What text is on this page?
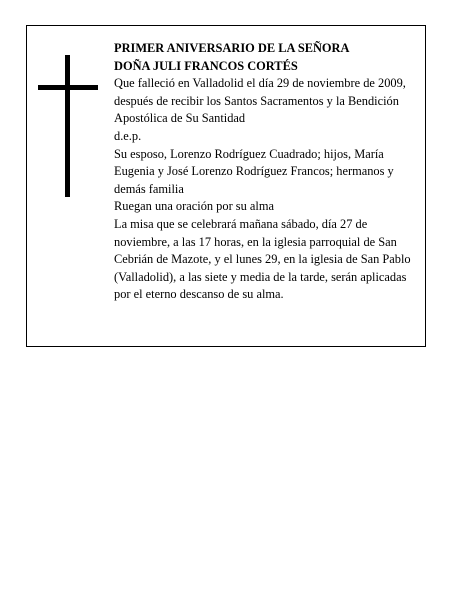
PRIMER ANIVERSARIO DE LA SEÑORA

DOÑA JULI FRANCOS CORTÉS

Que falleció en Valladolid el día 29 de noviembre de 2009, después de recibir los Santos Sacramentos y la Bendición Apostólica de Su Santidad

d.e.p.

Su esposo, Lorenzo Rodríguez Cuadrado; hijos, María Eugenia y José Lorenzo Rodríguez Francos; hermanos y demás familia

Ruegan una oración por su alma

La misa que se celebrará mañana sábado, día 27 de noviembre, a las 17 horas, en la iglesia parroquial de San Cebrián de Mazote, y el lunes 29, en la iglesia de San Pablo (Valladolid), a las siete y media de la tarde, serán aplicadas por el eterno descanso de su alma.
